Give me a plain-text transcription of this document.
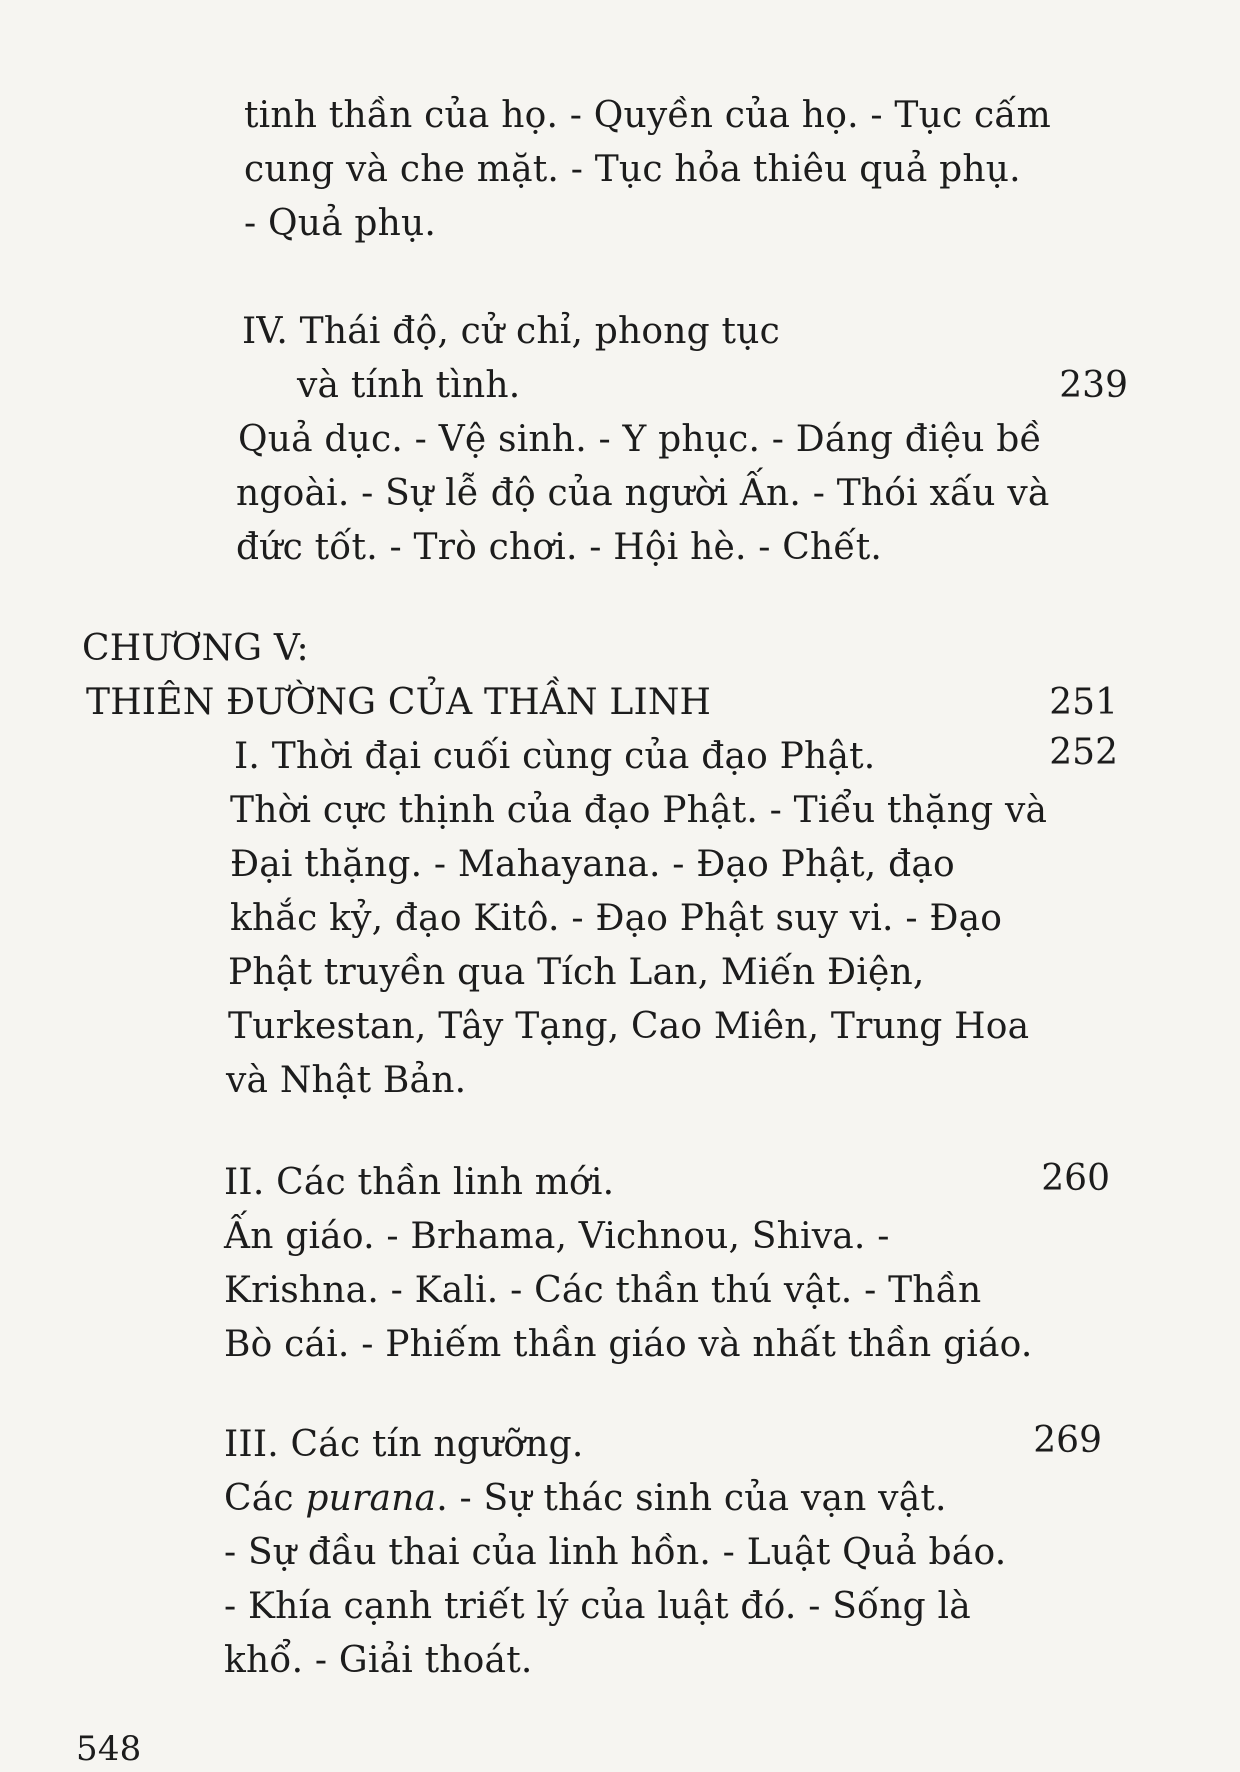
tinh thần của họ. - Quyền của họ. - Tục cấm
cung và che mặt. - Tục hỏa thiêu quả phụ.
- Quả phụ.
IV. Thái độ, cử chỉ, phong tục
và tính tình.	239
Quả dục. - Vệ sinh. - Y phục. - Dáng điệu bề
ngoài. - Sự lễ độ của người Ấn. - Thói xấu và
đức tốt. - Trò chơi. - Hội hè. - Chết.
CHƯƠNG V:
THIÊN ĐƯỜNG CỦA THẦN LINH	251
I. Thời đại cuối cùng của đạo Phật.	252
Thời cực thịnh của đạo Phật. - Tiểu thặng và
Đại thặng. - Mahayana. - Đạo Phật, đạo
khắc kỷ, đạo Kitô. - Đạo Phật suy vi. - Đạo
Phật truyền qua Tích Lan, Miến Điện,
Turkestan, Tây Tạng, Cao Miên, Trung Hoa
và Nhật Bản.
II. Các thần linh mới.	260
Ấn giáo. - Brhama, Vichnou, Shiva. -
Krishna. - Kali. - Các thần thú vật. - Thần
Bò cái. - Phiếm thần giáo và nhất thần giáo.
III. Các tín ngưỡng.	269
Các purana. - Sự thác sinh của vạn vật.
- Sự đầu thai của linh hồn. - Luật Quả báo.
- Khía cạnh triết lý của luật đó. - Sống là
khổ. - Giải thoát.
548
